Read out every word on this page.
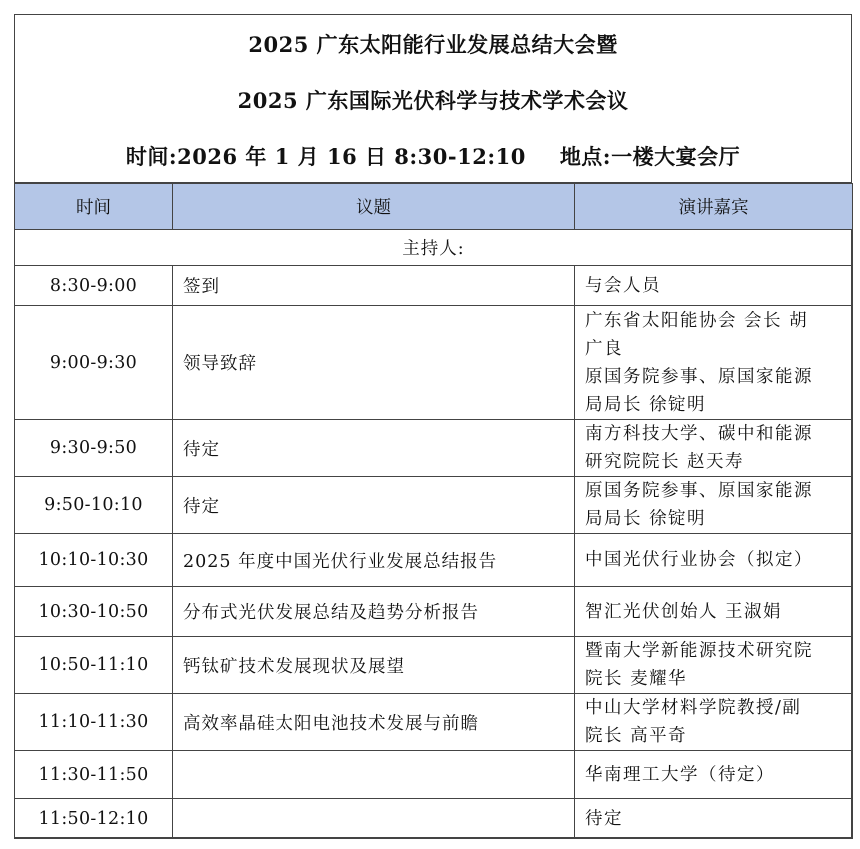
2025 广东太阳能行业发展总结大会暨
2025 广东国际光伏科学与技术学术会议
时间:2026 年 1 月 16 日 8:30-12:10 地点:一楼大宴会厅
时间	议题	演讲嘉宾
主持人:		
8:30-9:00	签到	与会人员
9:00-9:30	领导致辞	广东省太阳能协会 会长 胡
广良
原国务院参事、原国家能源
局局长 徐锭明
9:30-9:50	待定	南方科技大学、碳中和能源
研究院院长 赵天寿
9:50-10:10	待定	原国务院参事、原国家能源
局局长 徐锭明
10:10-10:30	2025 年度中国光伏行业发展总结报告	中国光伏行业协会（拟定）
10:30-10:50	分布式光伏发展总结及趋势分析报告	智汇光伏创始人 王淑娟
10:50-11:10	钙钛矿技术发展现状及展望	暨南大学新能源技术研究院
院长 麦耀华
11:10-11:30	高效率晶硅太阳电池技术发展与前瞻	中山大学材料学院教授/副
院长 高平奇
11:30-11:50		华南理工大学（待定）
11:50-12:10		待定
